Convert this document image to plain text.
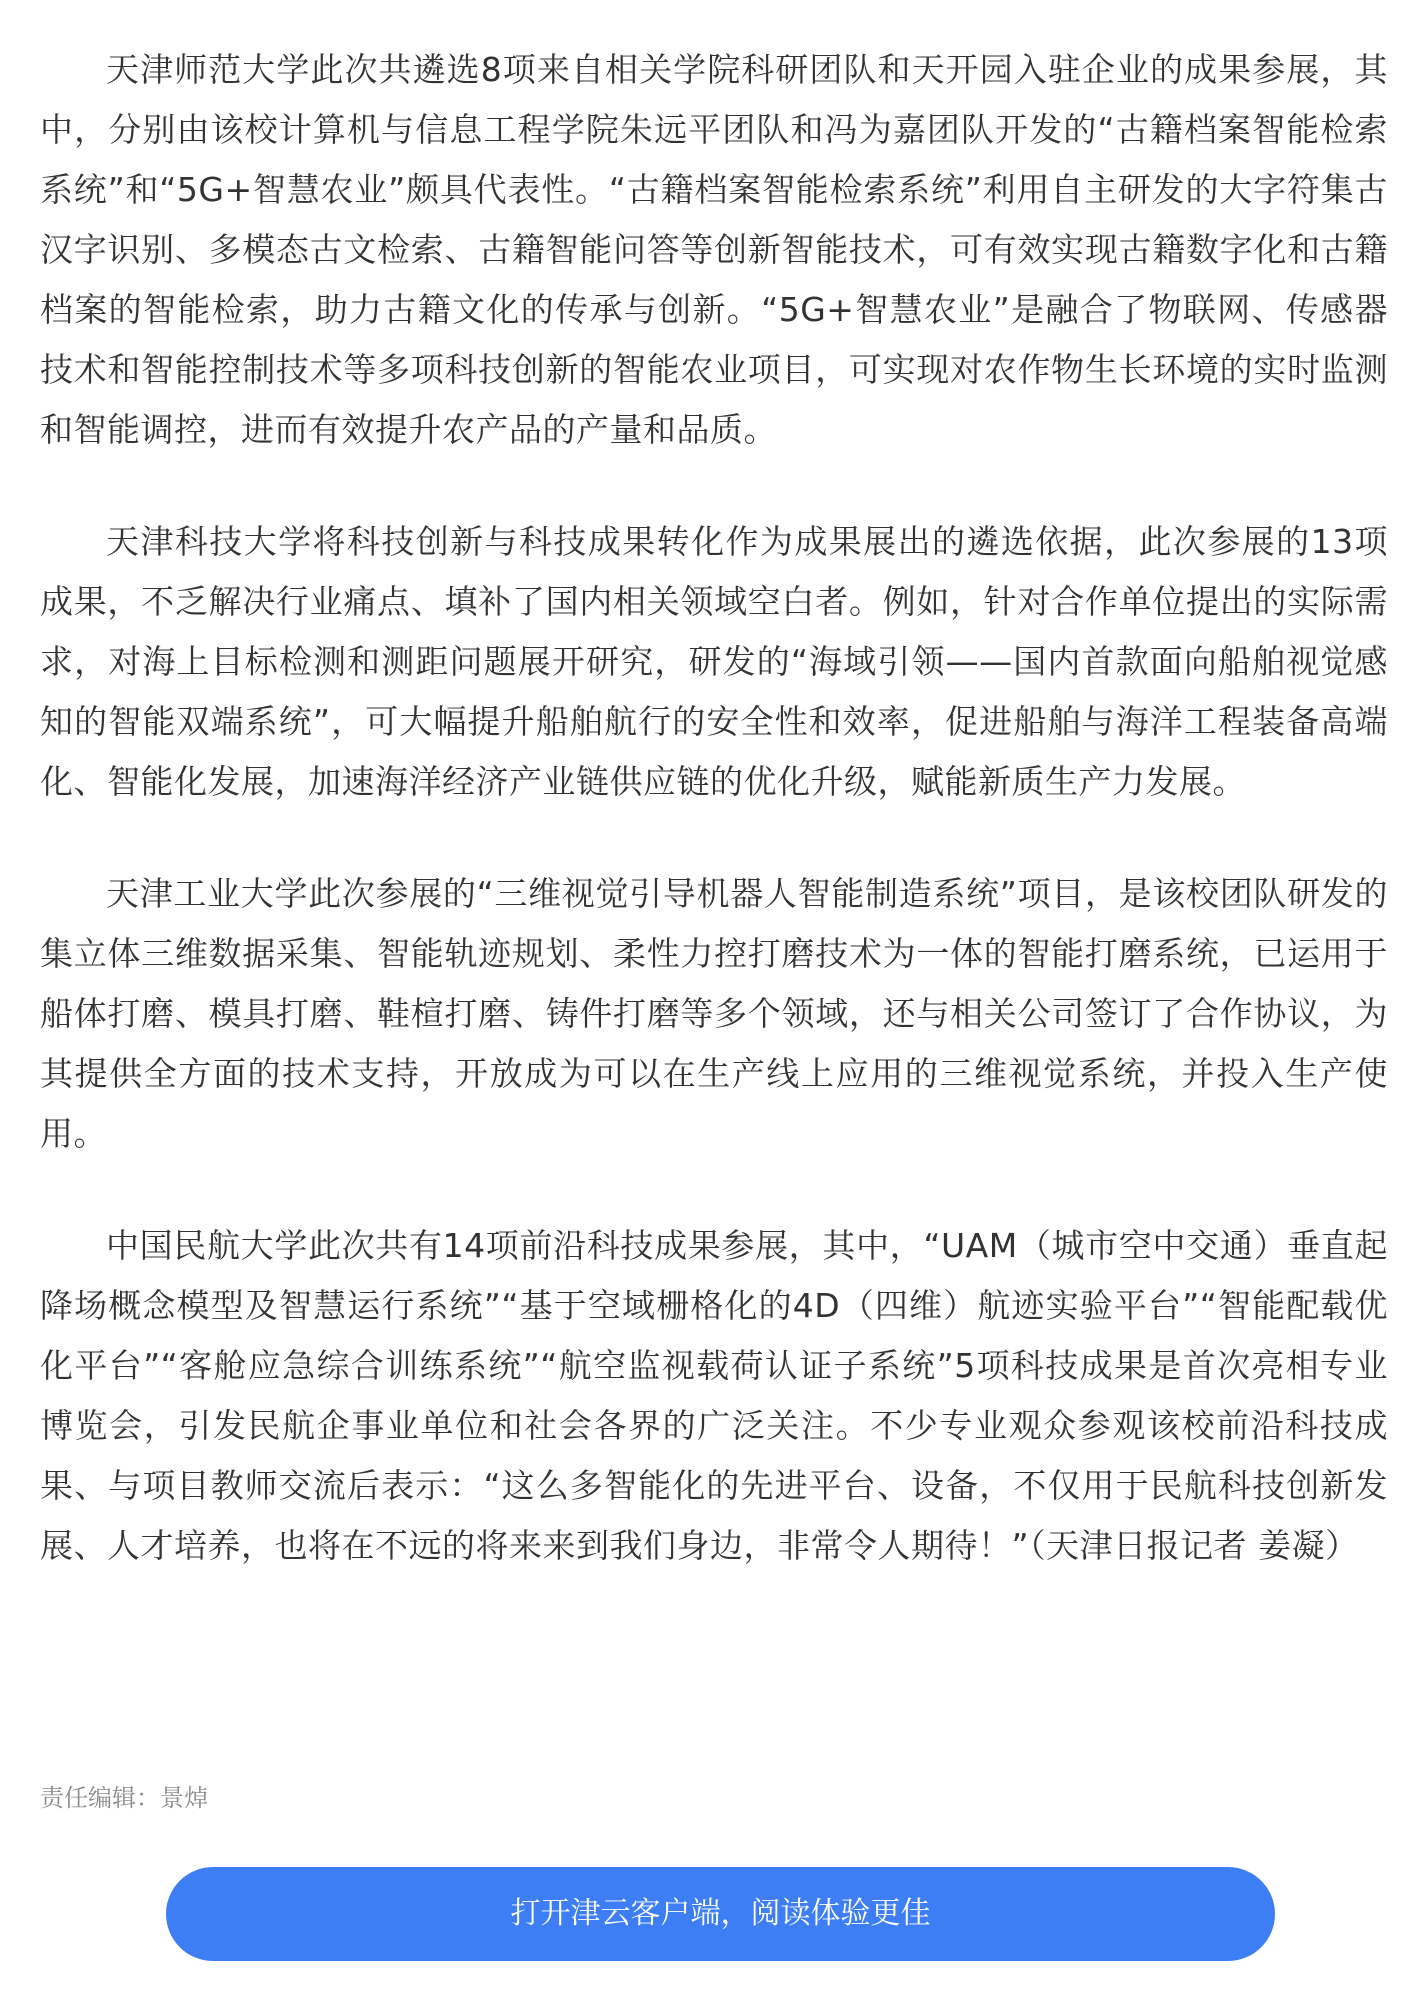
天津师范大学此次共遴选8项来自相关学院科研团队和天开园入驻企业的成果参展，其中，分别由该校计算机与信息工程学院朱远平团队和冯为嘉团队开发的“古籍档案智能检索系统”和“5G+智慧农业”颇具代表性。“古籍档案智能检索系统”利用自主研发的大字符集古汉字识别、多模态古文检索、古籍智能问答等创新智能技术，可有效实现古籍数字化和古籍档案的智能检索，助力古籍文化的传承与创新。“5G+智慧农业”是融合了物联网、传感器技术和智能控制技术等多项科技创新的智能农业项目，可实现对农作物生长环境的实时监测和智能调控，进而有效提升农产品的产量和品质。

天津科技大学将科技创新与科技成果转化作为成果展出的遴选依据，此次参展的13项成果，不乏解决行业痛点、填补了国内相关领域空白者。例如，针对合作单位提出的实际需求，对海上目标检测和测距问题展开研究，研发的“海域引领——国内首款面向船舶视觉感知的智能双端系统”，可大幅提升船舶航行的安全性和效率，促进船舶与海洋工程装备高端化、智能化发展，加速海洋经济产业链供应链的优化升级，赋能新质生产力发展。

天津工业大学此次参展的“三维视觉引导机器人智能制造系统”项目，是该校团队研发的集立体三维数据采集、智能轨迹规划、柔性力控打磨技术为一体的智能打磨系统，已运用于船体打磨、模具打磨、鞋楦打磨、铸件打磨等多个领域，还与相关公司签订了合作协议，为其提供全方面的技术支持，开放成为可以在生产线上应用的三维视觉系统，并投入生产使用。

中国民航大学此次共有14项前沿科技成果参展，其中，“UAM（城市空中交通）垂直起降场概念模型及智慧运行系统”“基于空域栅格化的4D（四维）航迹实验平台”“智能配载优化平台”“客舱应急综合训练系统”“航空监视载荷认证子系统”5项科技成果是首次亮相专业博览会，引发民航企事业单位和社会各界的广泛关注。不少专业观众参观该校前沿科技成果、与项目教师交流后表示：“这么多智能化的先进平台、设备，不仅用于民航科技创新发展、人才培养，也将在不远的将来来到我们身边，非常令人期待！”（天津日报记者 姜凝）

责任编辑：景焯
打开津云客户端，阅读体验更佳
